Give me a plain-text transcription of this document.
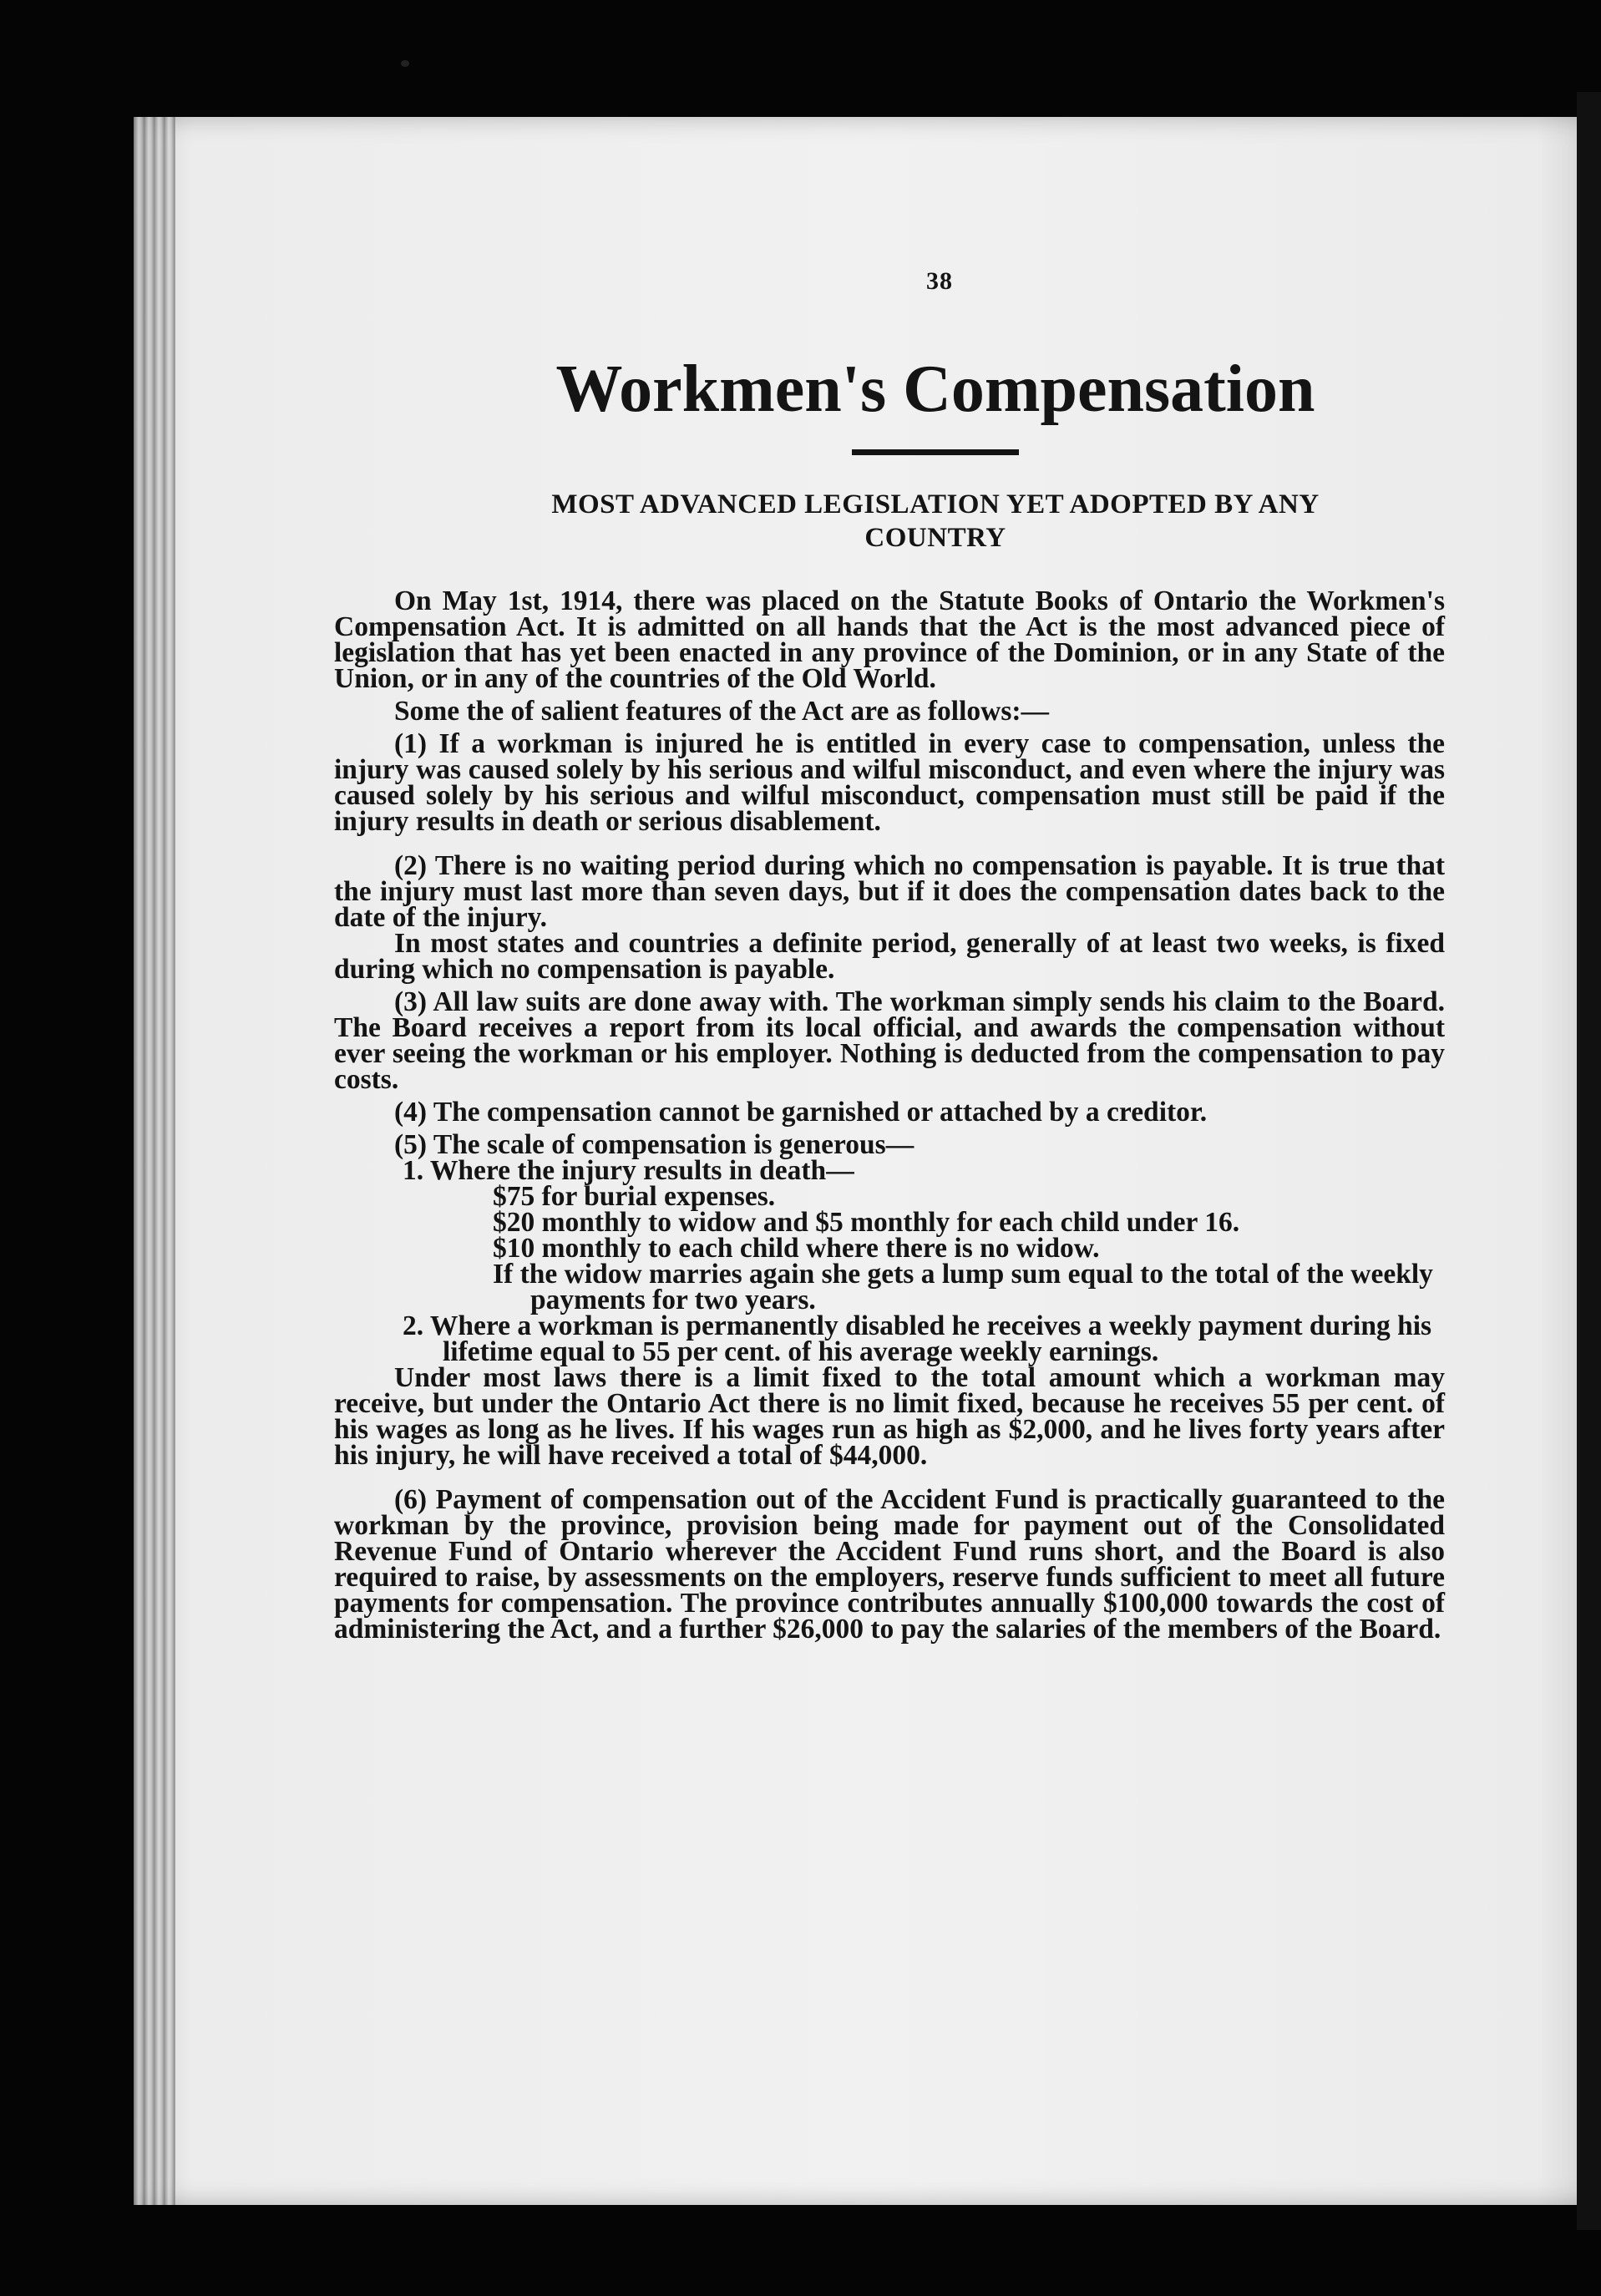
38
Workmen's Compensation
MOST ADVANCED LEGISLATION YET ADOPTED BY ANY
COUNTRY

On May 1st, 1914, there was placed on the Statute Books of Ontario the Workmen's Compensation Act. It is admitted on all hands that the Act is the most advanced piece of legislation that has yet been enacted in any province of the Dominion, or in any State of the Union, or in any of the countries of the Old World.

Some the of salient features of the Act are as follows:—

(1) If a workman is injured he is entitled in every case to compensation, unless the injury was caused solely by his serious and wilful misconduct, and even where the injury was caused solely by his serious and wilful misconduct, compensation must still be paid if the injury results in death or serious disablement.

(2) There is no waiting period during which no compensation is payable. It is true that the injury must last more than seven days, but if it does the compensation dates back to the date of the injury.

In most states and countries a definite period, generally of at least two weeks, is fixed during which no compensation is payable.

(3) All law suits are done away with. The workman simply sends his claim to the Board. The Board receives a report from its local official, and awards the compensation without ever seeing the workman or his employer. Nothing is deducted from the compensation to pay costs.

(4) The compensation cannot be garnished or attached by a creditor.

(5) The scale of compensation is generous—

1. Where the injury results in death—
$75 for burial expenses.
$20 monthly to widow and $5 monthly for each child under 16.
$10 monthly to each child where there is no widow.
If the widow marries again she gets a lump sum equal to the total of the weekly payments for two years.
2. Where a workman is permanently disabled he receives a weekly payment during his lifetime equal to 55 per cent. of his average weekly earnings.

Under most laws there is a limit fixed to the total amount which a workman may receive, but under the Ontario Act there is no limit fixed, because he receives 55 per cent. of his wages as long as he lives. If his wages run as high as $2,000, and he lives forty years after his injury, he will have received a total of $44,000.

(6) Payment of compensation out of the Accident Fund is practically guaranteed to the workman by the province, provision being made for payment out of the Consolidated Revenue Fund of Ontario wherever the Accident Fund runs short, and the Board is also required to raise, by assessments on the employers, reserve funds sufficient to meet all future payments for compensation. The province contributes annually $100,000 towards the cost of administering the Act, and a further $26,000 to pay the salaries of the members of the Board.
